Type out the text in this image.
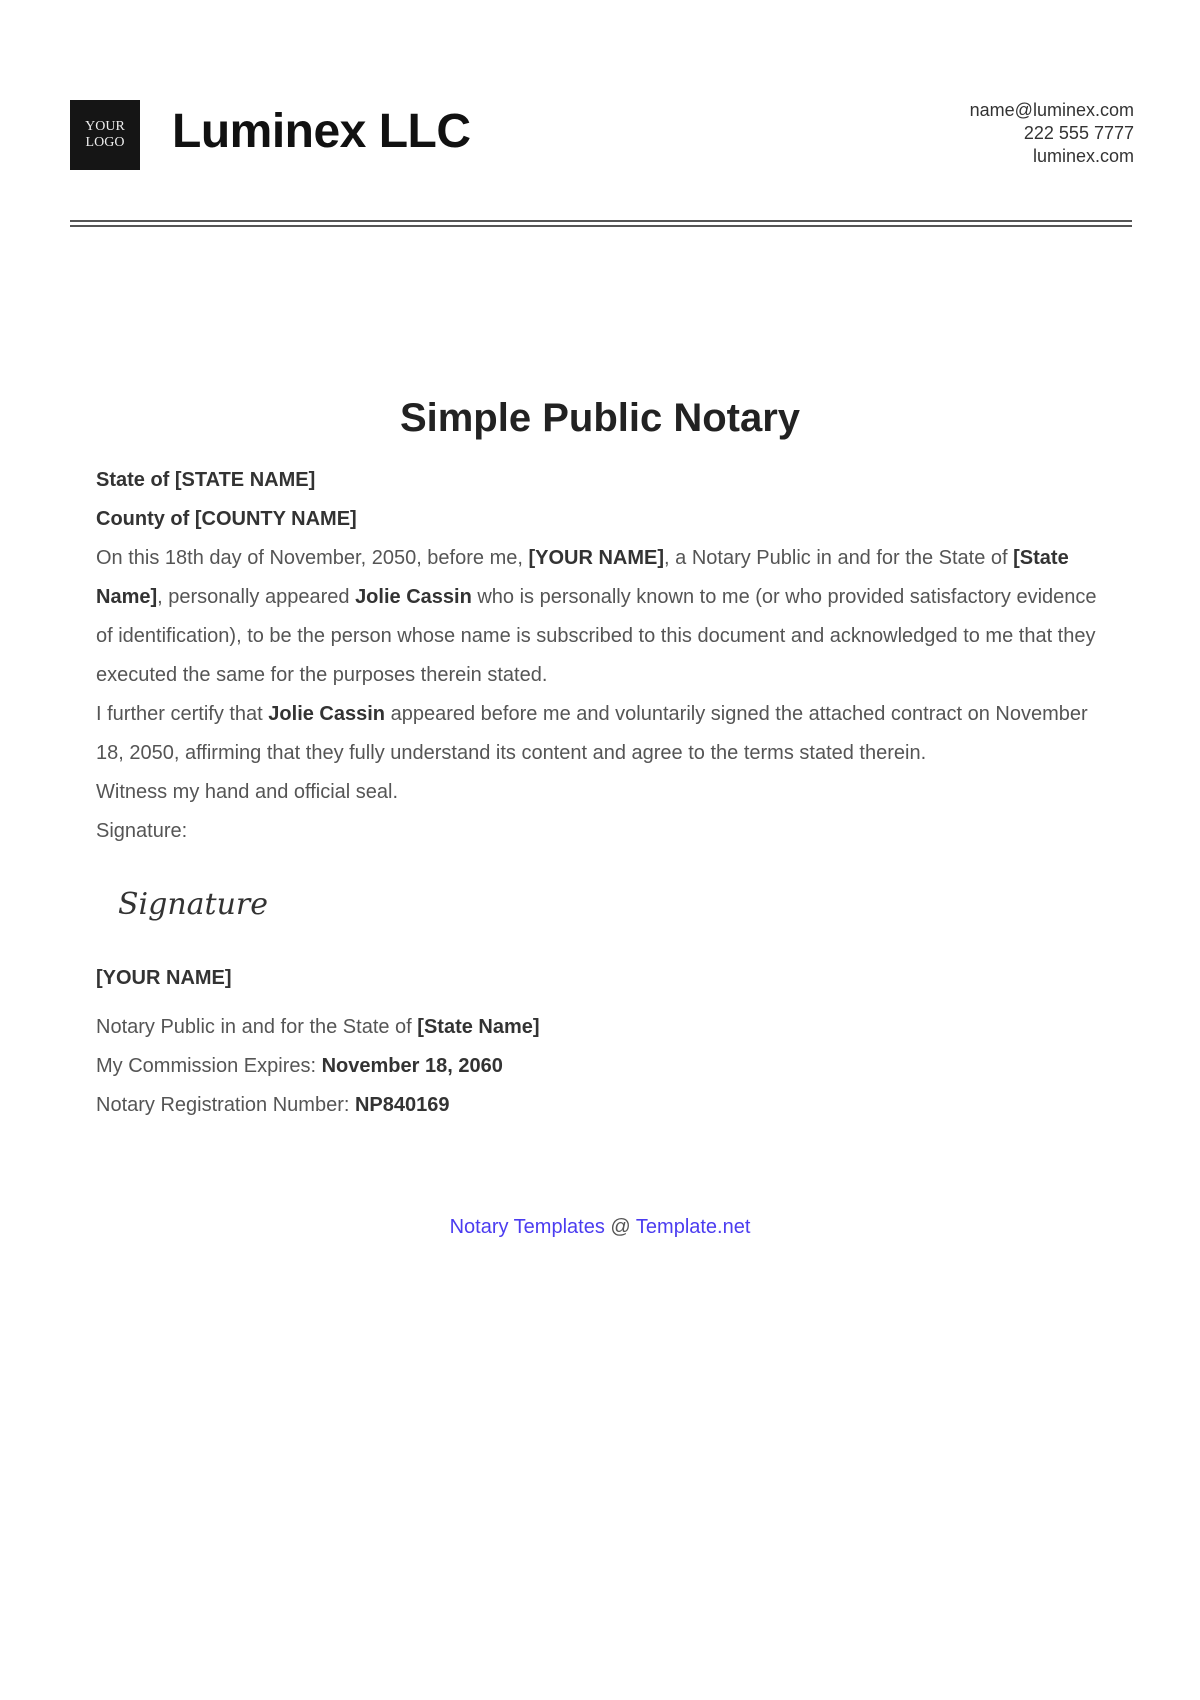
YOUR
LOGO Luminex LLC	name@luminex.com
222 555 7777
luminex.com
Simple Public Notary

State of [STATE NAME]

County of [COUNTY NAME]

On this 18th day of November, 2050, before me, [YOUR NAME], a Notary Public in and for the State of [State Name], personally appeared Jolie Cassin who is personally known to me (or who provided satisfactory evidence of identification), to be the person whose name is subscribed to this document and acknowledged to me that they executed the same for the purposes therein stated.

I further certify that Jolie Cassin appeared before me and voluntarily signed the attached contract on November 18, 2050, affirming that they fully understand its content and agree to the terms stated therein.

Witness my hand and official seal.

Signature:

Signature

[YOUR NAME]

Notary Public in and for the State of [State Name]

My Commission Expires: November 18, 2060

Notary Registration Number: NP840169

Notary Templates @ Template.net
